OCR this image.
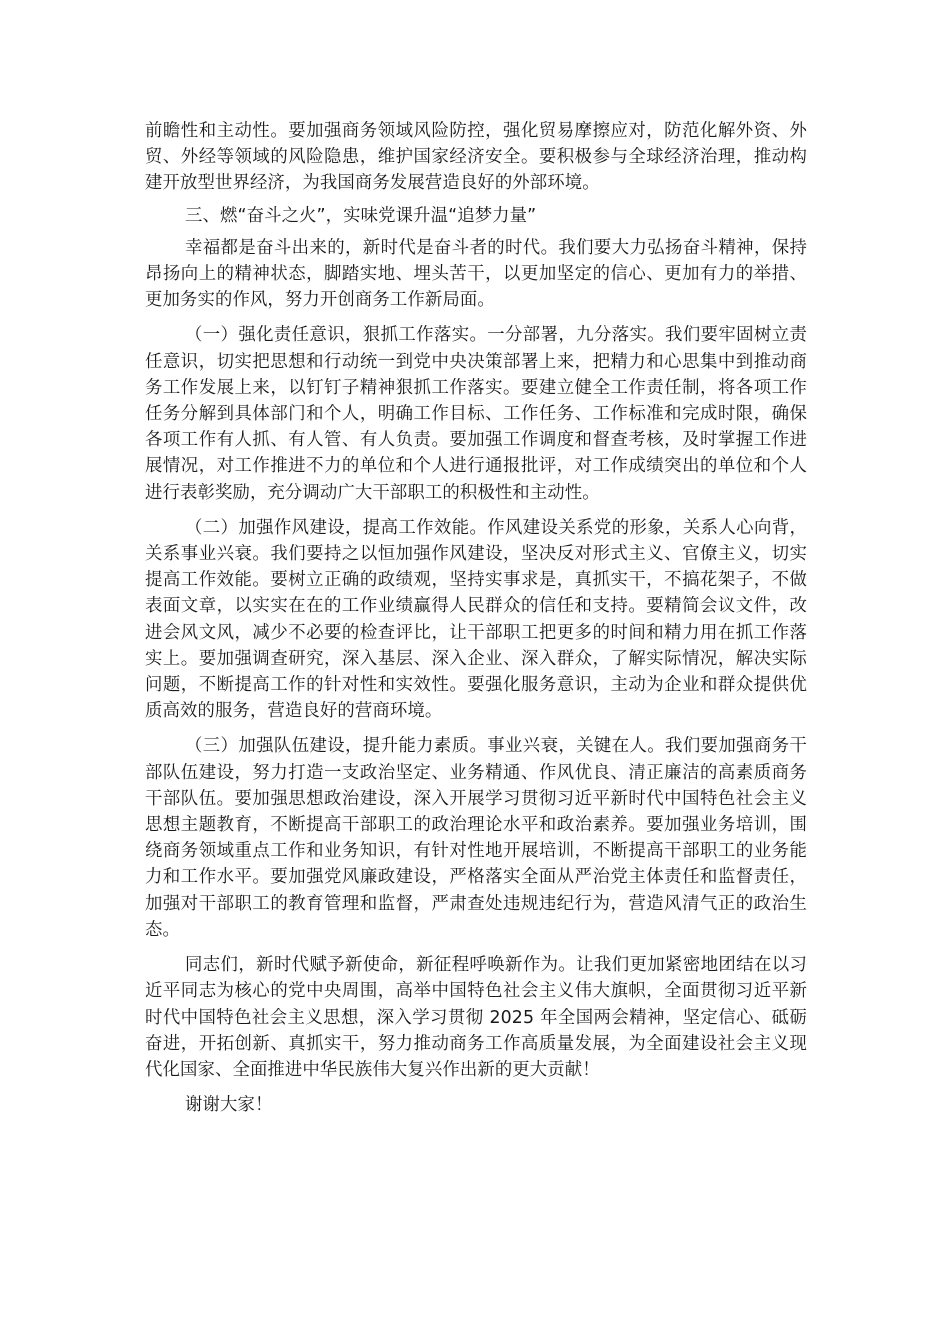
前瞻性和主动性。要加强商务领域风险防控，强化贸易摩擦应对，防范化解外资、外贸、外经等领域的风险隐患，维护国家经济安全。要积极参与全球经济治理，推动构建开放型世界经济，为我国商务发展营造良好的外部环境。

三、燃“奋斗之火”，实味党课升温“追梦力量”

幸福都是奋斗出来的，新时代是奋斗者的时代。我们要大力弘扬奋斗精神，保持昂扬向上的精神状态，脚踏实地、埋头苦干，以更加坚定的信心、更加有力的举措、更加务实的作风，努力开创商务工作新局面。

（一）强化责任意识，狠抓工作落实。一分部署，九分落实。我们要牢固树立责任意识，切实把思想和行动统一到党中央决策部署上来，把精力和心思集中到推动商务工作发展上来，以钉钉子精神狠抓工作落实。要建立健全工作责任制，将各项工作任务分解到具体部门和个人，明确工作目标、工作任务、工作标准和完成时限，确保各项工作有人抓、有人管、有人负责。要加强工作调度和督查考核，及时掌握工作进展情况，对工作推进不力的单位和个人进行通报批评，对工作成绩突出的单位和个人进行表彰奖励，充分调动广大干部职工的积极性和主动性。

（二）加强作风建设，提高工作效能。作风建设关系党的形象，关系人心向背，关系事业兴衰。我们要持之以恒加强作风建设，坚决反对形式主义、官僚主义，切实提高工作效能。要树立正确的政绩观，坚持实事求是，真抓实干，不搞花架子，不做表面文章，以实实在在的工作业绩赢得人民群众的信任和支持。要精简会议文件，改进会风文风，减少不必要的检查评比，让干部职工把更多的时间和精力用在抓工作落实上。要加强调查研究，深入基层、深入企业、深入群众，了解实际情况，解决实际问题，不断提高工作的针对性和实效性。要强化服务意识，主动为企业和群众提供优质高效的服务，营造良好的营商环境。

（三）加强队伍建设，提升能力素质。事业兴衰，关键在人。我们要加强商务干部队伍建设，努力打造一支政治坚定、业务精通、作风优良、清正廉洁的高素质商务干部队伍。要加强思想政治建设，深入开展学习贯彻习近平新时代中国特色社会主义思想主题教育，不断提高干部职工的政治理论水平和政治素养。要加强业务培训，围绕商务领域重点工作和业务知识，有针对性地开展培训，不断提高干部职工的业务能力和工作水平。要加强党风廉政建设，严格落实全面从严治党主体责任和监督责任，加强对干部职工的教育管理和监督，严肃查处违规违纪行为，营造风清气正的政治生态。

同志们，新时代赋予新使命，新征程呼唤新作为。让我们更加紧密地团结在以习近平同志为核心的党中央周围，高举中国特色社会主义伟大旗帜，全面贯彻习近平新时代中国特色社会主义思想，深入学习贯彻 2025 年全国两会精神，坚定信心、砥砺奋进，开拓创新、真抓实干，努力推动商务工作高质量发展，为全面建设社会主义现代化国家、全面推进中华民族伟大复兴作出新的更大贡献！

谢谢大家！
